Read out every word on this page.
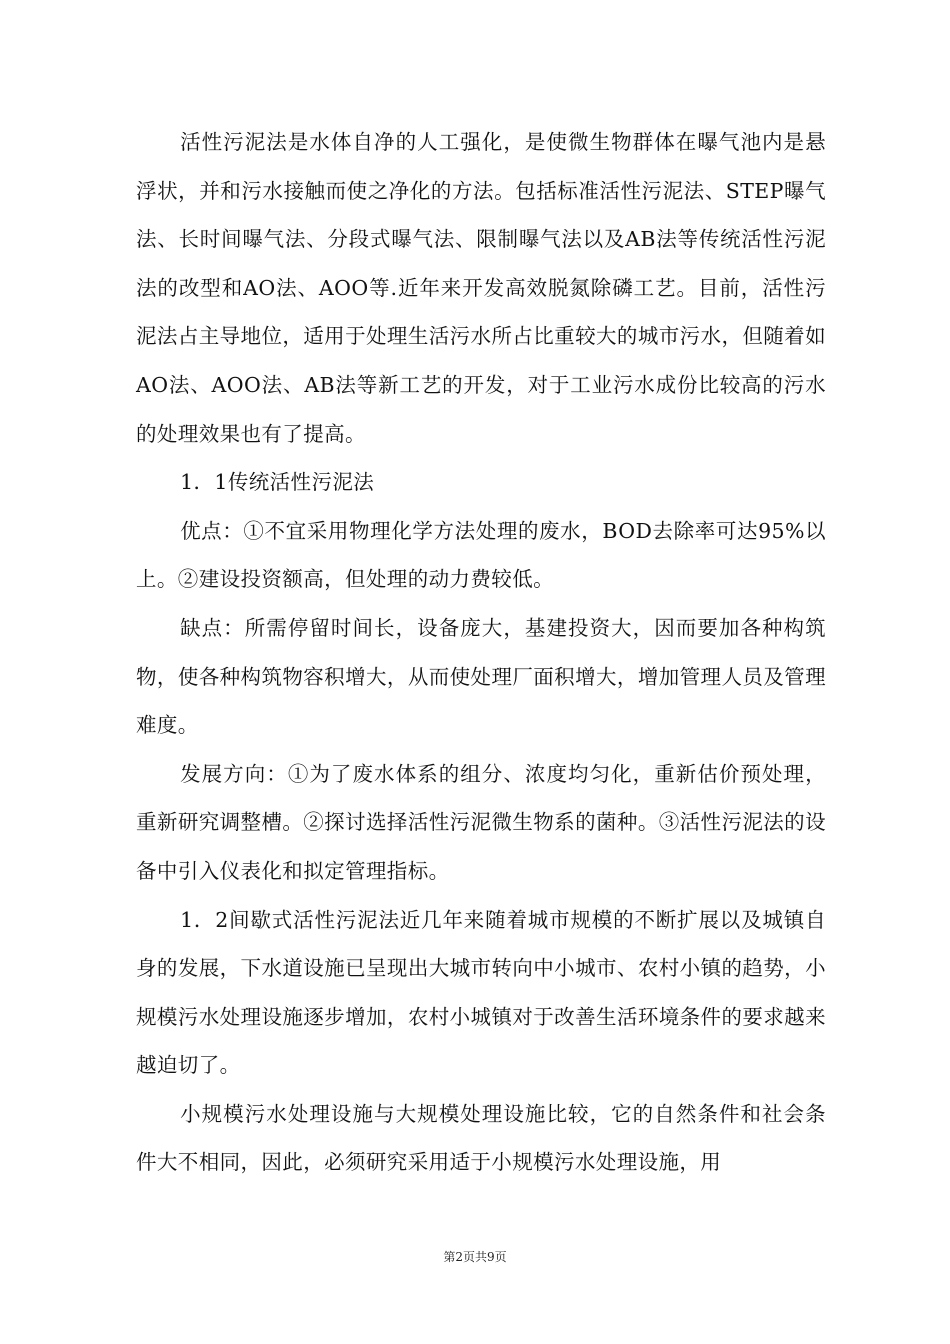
活性污泥法是水体自净的人工强化，是使微生物群体在曝气池内是悬浮状，并和污水接触而使之净化的方法。包括标准活性污泥法、STEP曝气法、长时间曝气法、分段式曝气法、限制曝气法以及AB法等传统活性污泥法的改型和AO法、AOO等.近年来开发高效脱氮除磷工艺。目前，活性污泥法占主导地位，适用于处理生活污水所占比重较大的城市污水，但随着如AO法、AOO法、AB法等新工艺的开发，对于工业污水成份比较高的污水的处理效果也有了提高。

1．1传统活性污泥法

优点：①不宜采用物理化学方法处理的废水，BOD去除率可达95%以上。②建设投资额高，但处理的动力费较低。

缺点：所需停留时间长，设备庞大，基建投资大，因而要加各种构筑物，使各种构筑物容积增大，从而使处理厂面积增大，增加管理人员及管理难度。

发展方向：①为了废水体系的组分、浓度均匀化，重新估价预处理，重新研究调整槽。②探讨选择活性污泥微生物系的菌种。③活性污泥法的设备中引入仪表化和拟定管理指标。

1．2间歇式活性污泥法近几年来随着城市规模的不断扩展以及城镇自身的发展，下水道设施已呈现出大城市转向中小城市、农村小镇的趋势，小规模污水处理设施逐步增加，农村小城镇对于改善生活环境条件的要求越来越迫切了。

小规模污水处理设施与大规模处理设施比较，它的自然条件和社会条件大不相同，因此，必须研究采用适于小规模污水处理设施，用

第2页共9页
